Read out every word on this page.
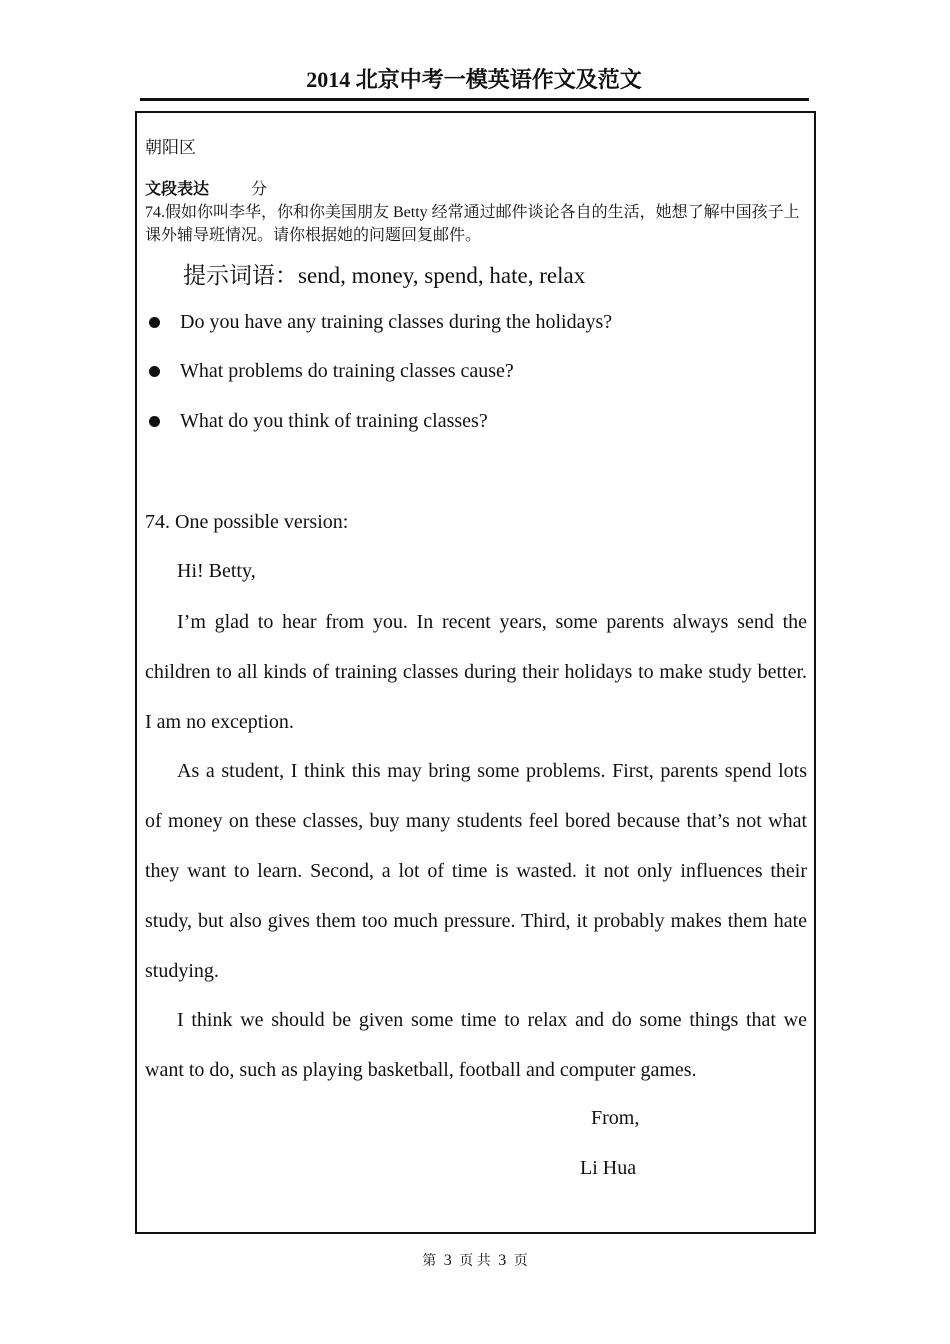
2014 北京中考一模英语作文及范文
朝阳区
文段表达	分
74.假如你叫李华，你和你美国朋友 Betty 经常通过邮件谈论各自的生活，她想了解中国孩子上课外辅导班情况。请你根据她的问题回复邮件。
提示词语：send, money, spend, hate, relax
Do you have any training classes during the holidays?
What problems do training classes cause?
What do you think of training classes?
74. One possible version:
Hi! Betty,
I’m glad to hear from you. In recent years, some parents always send the children to all kinds of training classes during their holidays to make study better. I am no exception.
As a student, I think this may bring some problems. First, parents spend lots of money on these classes, buy many students feel bored because that’s not what they want to learn. Second, a lot of time is wasted. it not only influences their study, but also gives them too much pressure. Third, it probably makes them hate studying.
I think we should be given some time to relax and do some things that we want to do, such as playing basketball, football and computer games.
From,
Li Hua
第 3 页 共 3 页
